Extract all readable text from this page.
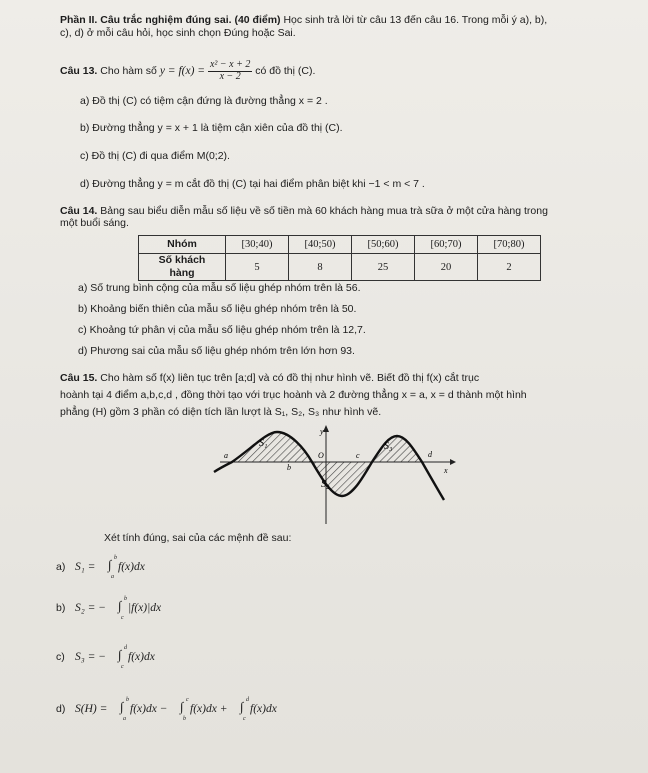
Phần II. Câu trắc nghiệm đúng sai. (40 điểm) Học sinh trả lời từ câu 13 đến câu 16. Trong mỗi ý a), b),
c), d) ở mỗi câu hỏi, học sinh chọn Đúng hoặc Sai.
Câu 13. Cho hàm số $y = f(x) = \frac{\text{x² − x + 2}}{x - 2}$ có đồ thị (C).
a) Đồ thị (C) có tiệm cận đứng là đường thẳng x = 2 .
b) Đường thẳng y = x + 1 là tiệm cận xiên của đồ thị (C).
c) Đồ thị (C) đi qua điểm M(0;2).
d) Đường thẳng y = m cắt đồ thị (C) tại hai điểm phân biệt khi −1 < m < 7 .
Câu 14. Bảng sau biểu diễn mẫu số liệu về số tiền mà 60 khách hàng mua trà sữa ở một cửa hàng trong
một buổi sáng.
Nhóm	[30;40)	[40;50)	[50;60)	[60;70)	[70;80)
Số khách hàng	5	8	25	20	2
a) Số trung bình cộng của mẫu số liệu ghép nhóm trên là 56.
b) Khoảng biến thiên của mẫu số liệu ghép nhóm trên là 50.
c) Khoảng tứ phân vị của mẫu số liệu ghép nhóm trên là 12,7.
d) Phương sai của mẫu số liệu ghép nhóm trên lớn hơn 93.
Câu 15. Cho hàm số f(x) liên tục trên [a;d] và có đồ thị như hình vẽ. Biết đồ thị f(x) cắt trục
hoành tại 4 điểm a,b,c,d , đồng thời tạo với trục hoành và 2 đường thẳng x = a, x = d thành một hình
phẳng (H) gồm 3 phần có diện tích lần lượt là S₁, S₂, S₃ như hình vẽ.
y
x
O
a
b
c	d
S₁
S₂
S₃
Xét tính đúng, sai của các mệnh đề sau:
a) S₁ = ∫ b
a
f(x)dx
b) S₂ = − ∫ b
c
|f(x)|dx
c) S₃ = − ∫ d
c
f(x)dx
d) S(H) = ∫ b
a
f(x)dx − ∫ c
b
f(x)dx + ∫ d
c
f(x)dx
